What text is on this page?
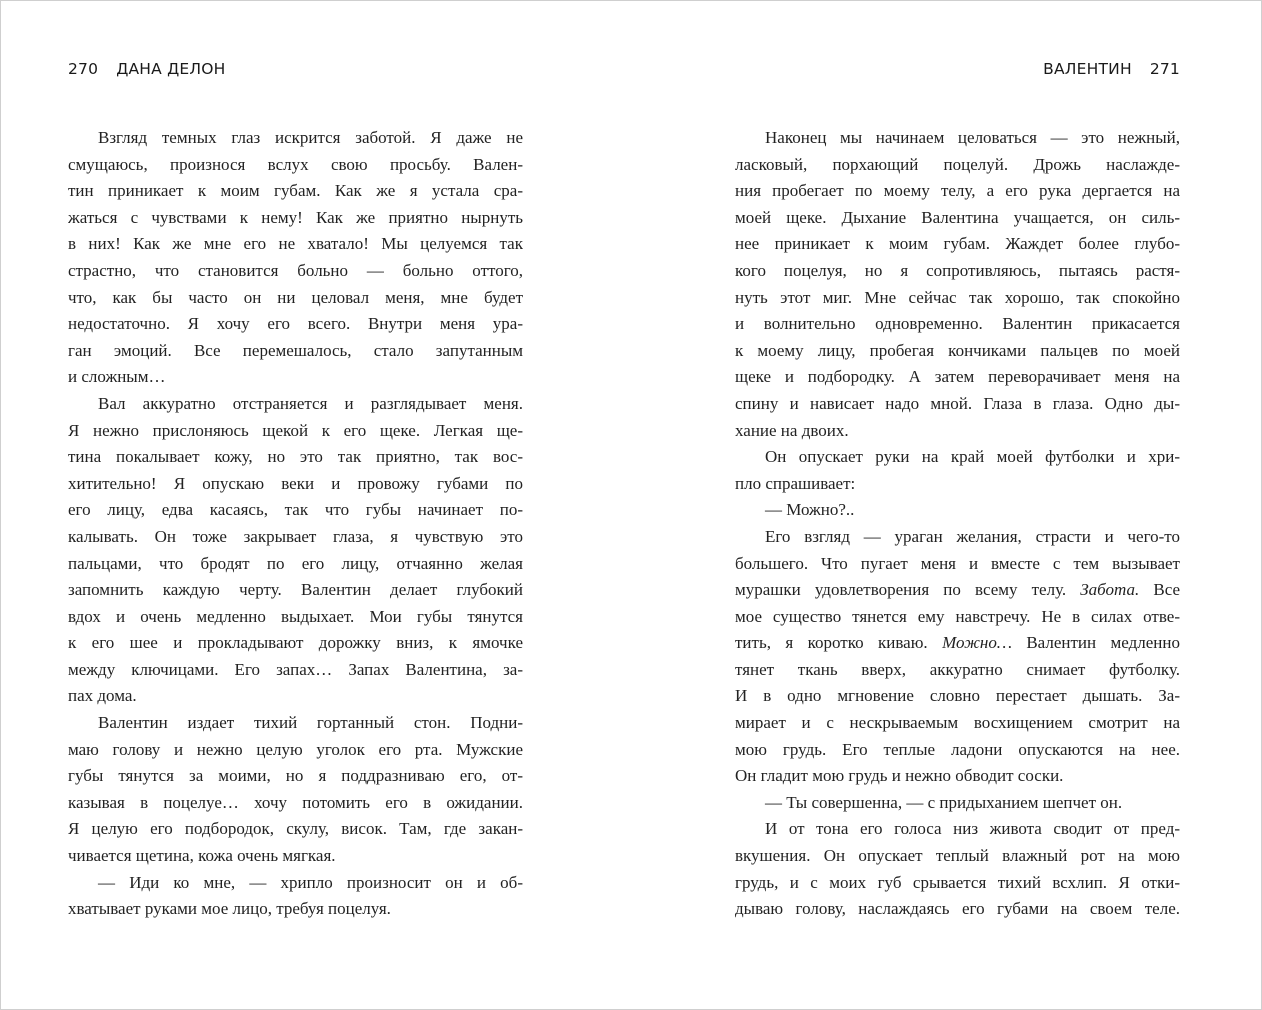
270 ДАНА ДЕЛОН
Взгляд темных глаз искрится заботой. Я даже не
смущаюсь, произнося вслух свою просьбу. Вален-
тин приникает к моим губам. Как же я устала сра-
жаться с чувствами к нему! Как же приятно нырнуть
в них! Как же мне его не хватало! Мы целуемся так
страстно, что становится больно — больно оттого,
что, как бы часто он ни целовал меня, мне будет
недостаточно. Я хочу его всего. Внутри меня ура-
ган эмоций. Все перемешалось, стало запутанным
и сложным…
Вал аккуратно отстраняется и разглядывает меня.
Я нежно прислоняюсь щекой к его щеке. Легкая ще-
тина покалывает кожу, но это так приятно, так вос-
хитительно! Я опускаю веки и провожу губами по
его лицу, едва касаясь, так что губы начинает по-
калывать. Он тоже закрывает глаза, я чувствую это
пальцами, что бродят по его лицу, отчаянно желая
запомнить каждую черту. Валентин делает глубокий
вдох и очень медленно выдыхает. Мои губы тянутся
к его шее и прокладывают дорожку вниз, к ямочке
между ключицами. Его запах… Запах Валентина, за-
пах дома.
Валентин издает тихий гортанный стон. Подни-
маю голову и нежно целую уголок его рта. Мужские
губы тянутся за моими, но я поддразниваю его, от-
казывая в поцелуе… хочу потомить его в ожидании.
Я целую его подбородок, скулу, висок. Там, где закан-
чивается щетина, кожа очень мягкая.
— Иди ко мне, — хрипло произносит он и об-
хватывает руками мое лицо, требуя поцелуя.
ВАЛЕНТИН 271
Наконец мы начинаем целоваться — это нежный,
ласковый, порхающий поцелуй. Дрожь наслажде-
ния пробегает по моему телу, а его рука дергается на
моей щеке. Дыхание Валентина учащается, он силь-
нее приникает к моим губам. Жаждет более глубо-
кого поцелуя, но я сопротивляюсь, пытаясь растя-
нуть этот миг. Мне сейчас так хорошо, так спокойно
и волнительно одновременно. Валентин прикасается
к моему лицу, пробегая кончиками пальцев по моей
щеке и подбородку. А затем переворачивает меня на
спину и нависает надо мной. Глаза в глаза. Одно ды-
хание на двоих.
Он опускает руки на край моей футболки и хри-
пло спрашивает:
— Можно?..
Его взгляд — ураган желания, страсти и чего-то
большего. Что пугает меня и вместе с тем вызывает
мурашки удовлетворения по всему телу. Забота. Все
мое существо тянется ему навстречу. Не в силах отве-
тить, я коротко киваю. Можно… Валентин медленно
тянет ткань вверх, аккуратно снимает футболку.
И в одно мгновение словно перестает дышать. За-
мирает и с нескрываемым восхищением смотрит на
мою грудь. Его теплые ладони опускаются на нее.
Он гладит мою грудь и нежно обводит соски.
— Ты совершенна, — с придыханием шепчет он.
И от тона его голоса низ живота сводит от пред-
вкушения. Он опускает теплый влажный рот на мою
грудь, и с моих губ срывается тихий всхлип. Я отки-
дываю голову, наслаждаясь его губами на своем теле.
